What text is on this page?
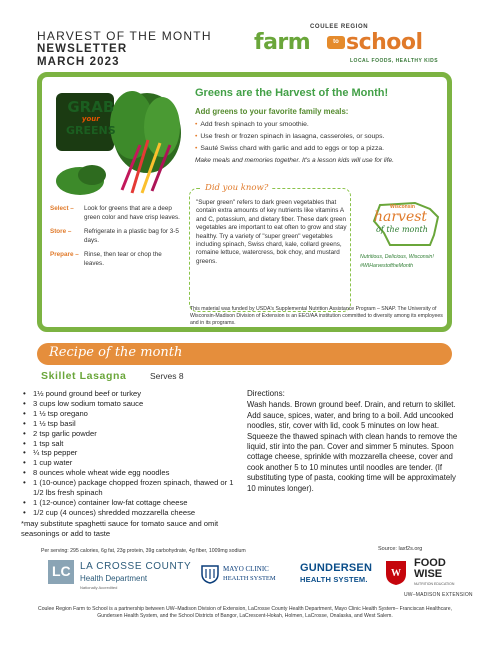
HARVEST OF THE MONTH
NEWSLETTER
MARCH 2023
COULEE REGION
farm	to school
LOCAL FOODS, HEALTHY KIDS
GRAB
your
GREENS
Greens are the Harvest of the Month!
Add greens to your favorite family meals:
• Add fresh spinach to your smoothie.
• Use fresh or frozen spinach in lasagna, casseroles, or soups.
• Sauté Swiss chard with garlic and add to eggs or top a pizza.
Make meals and memories together. It's a lesson kids will use for life.
Select –	Look for greens that are a deep green color and have crisp leaves.
Store –	Refrigerate in a plastic bag for 3-5 days.
Prepare – Rinse, then tear or chop the leaves.
Did you know?
"Super green" refers to dark green vegetables that contain extra amounts of key nutrients like vitamins A and C, potassium, and dietary fiber. These dark green vegetables are important to eat often to grow and stay healthy. Try a variety of "super green" vegetables including spinach, Swiss chard, kale, collard greens, romaine lettuce, watercress, bok choy, and mustard greens.
Wisconsin
harvest
of the month
Nutritious, Delicious, Wisconsin!
#WIHarvestoftheMonth
This material was funded by USDA's Supplemental Nutrition Assistance Program – SNAP. The University of Wisconsin-Madison Division of Extension is an EEO/AA institution committed to diversity among its employees and in its programs.
Recipe of the month
Skillet Lasagna	Serves 8
• 1½ pound ground beef or turkey
• 3 cups low sodium tomato sauce
• 1 ½ tsp oregano
• 1 ½ tsp basil
• 2 tsp garlic powder
• 1 tsp salt
• ¼ tsp pepper
• 1 cup water
• 8 ounces whole wheat wide egg noodles
• 1 (10-ounce) package chopped frozen spinach, thawed or 1 1/2 lbs fresh spinach
• 1 (12-ounce) container low-fat cottage cheese
• 1/2 cup (4 ounces) shredded mozzarella cheese
*may substitute spaghetti sauce for tomato sauce and omit seasonings or add to taste
Directions:
Wash hands. Brown ground beef. Drain, and return to skillet. Add sauce, spices, water, and bring to a boil. Add uncooked noodles, stir, cover with lid, cook 5 minutes on low heat. Squeeze the thawed spinach with clean hands to remove the liquid, stir into the pan. Cover and simmer 5 minutes. Spoon cottage cheese, sprinkle with mozzarella cheese, cover and cook another 5 to 10 minutes until noodles are tender. (If substituting type of pasta, cooking time will be approximately 10 minutes longer).
Per serving: 295 calories, 6g fat, 23g protein, 39g carbohydrate, 4g fiber, 1009mg sodium	Source: laxf2s.org
LC LA CROSSE COUNTY
Health Department
Nationally Accredited
MAYO CLINIC
HEALTH SYSTEM
GUNDERSEN
HEALTH SYSTEM.
W
FOOD
WISE
NUTRITION EDUCATION
UW–MADISON EXTENSION
Coulee Region Farm to School is a partnership between UW–Madison Division of Extension, LaCrosse County Health Department, Mayo Clinic Health System– Franciscan Healthcare, Gundersen Health System, and the School Districts of Bangor, LaCrescent-Hokah, Holmen, LaCrosse, Onalaska, and West Salem.
